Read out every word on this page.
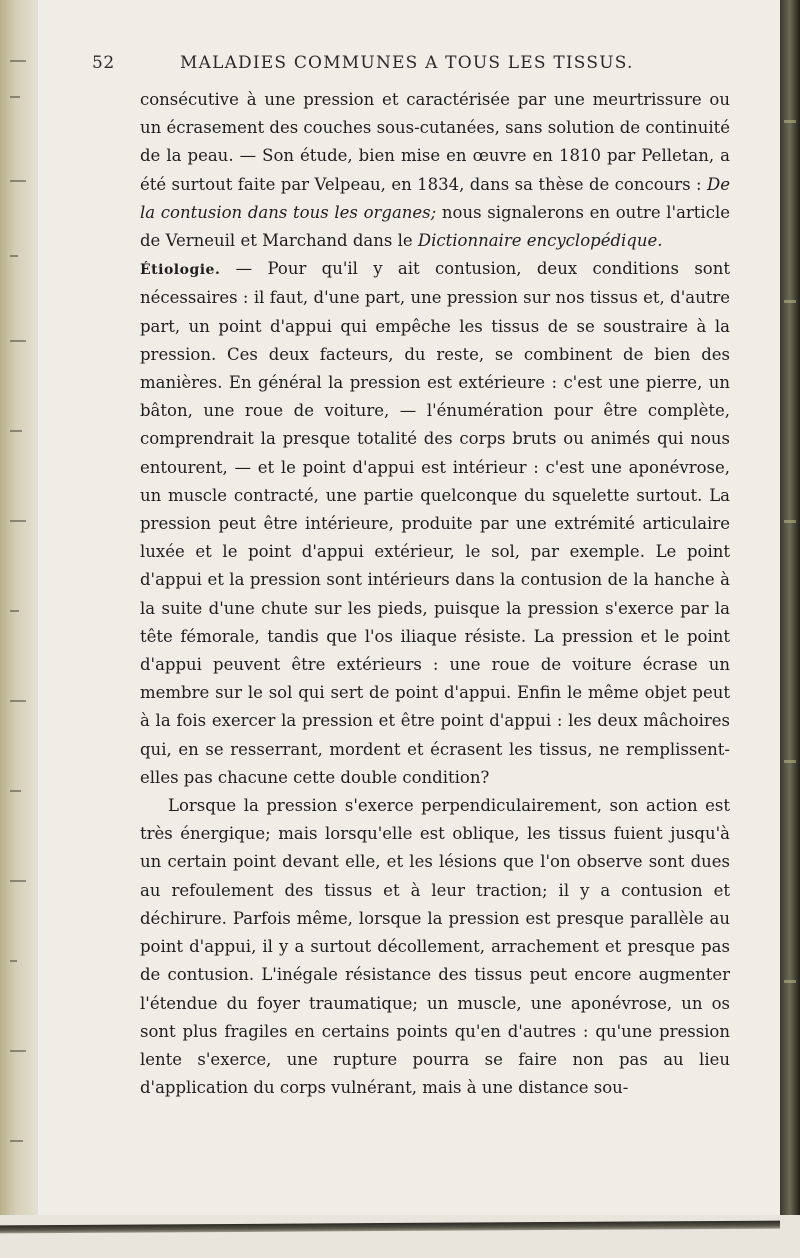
52	MALADIES COMMUNES A TOUS LES TISSUS.

consécutive à une pression et caractérisée par une meurtrissure ou un écrasement des couches sous-cutanées, sans solution de continuité de la peau. — Son étude, bien mise en œuvre en 1810 par Pelletan, a été surtout faite par Velpeau, en 1834, dans sa thèse de concours : De la contusion dans tous les organes; nous signalerons en outre l'article de Verneuil et Marchand dans le Dictionnaire encyclopédique.

Étiologie. — Pour qu'il y ait contusion, deux conditions sont nécessaires : il faut, d'une part, une pression sur nos tissus et, d'autre part, un point d'appui qui empêche les tissus de se soustraire à la pression. Ces deux facteurs, du reste, se combinent de bien des manières. En général la pression est extérieure : c'est une pierre, un bâton, une roue de voiture, — l'énumération pour être complète, comprendrait la presque totalité des corps bruts ou animés qui nous entourent, — et le point d'appui est intérieur : c'est une aponévrose, un muscle contracté, une partie quelconque du squelette surtout. La pression peut être intérieure, produite par une extrémité articulaire luxée et le point d'appui extérieur, le sol, par exemple. Le point d'appui et la pression sont intérieurs dans la contusion de la hanche à la suite d'une chute sur les pieds, puisque la pression s'exerce par la tête fémorale, tandis que l'os iliaque résiste. La pression et le point d'appui peuvent être extérieurs : une roue de voiture écrase un membre sur le sol qui sert de point d'appui. Enfin le même objet peut à la fois exercer la pression et être point d'appui : les deux mâchoires qui, en se resserrant, mordent et écrasent les tissus, ne remplissent-elles pas chacune cette double condition?

Lorsque la pression s'exerce perpendiculairement, son action est très énergique; mais lorsqu'elle est oblique, les tissus fuient jusqu'à un certain point devant elle, et les lésions que l'on observe sont dues au refoulement des tissus et à leur traction; il y a contusion et déchirure. Parfois même, lorsque la pression est presque parallèle au point d'appui, il y a surtout décollement, arrachement et presque pas de contusion. L'inégale résistance des tissus peut encore augmenter l'étendue du foyer traumatique; un muscle, une aponévrose, un os sont plus fragiles en certains points qu'en d'autres : qu'une pression lente s'exerce, une rupture pourra se faire non pas au lieu d'application du corps vulnérant, mais à une distance sou-
